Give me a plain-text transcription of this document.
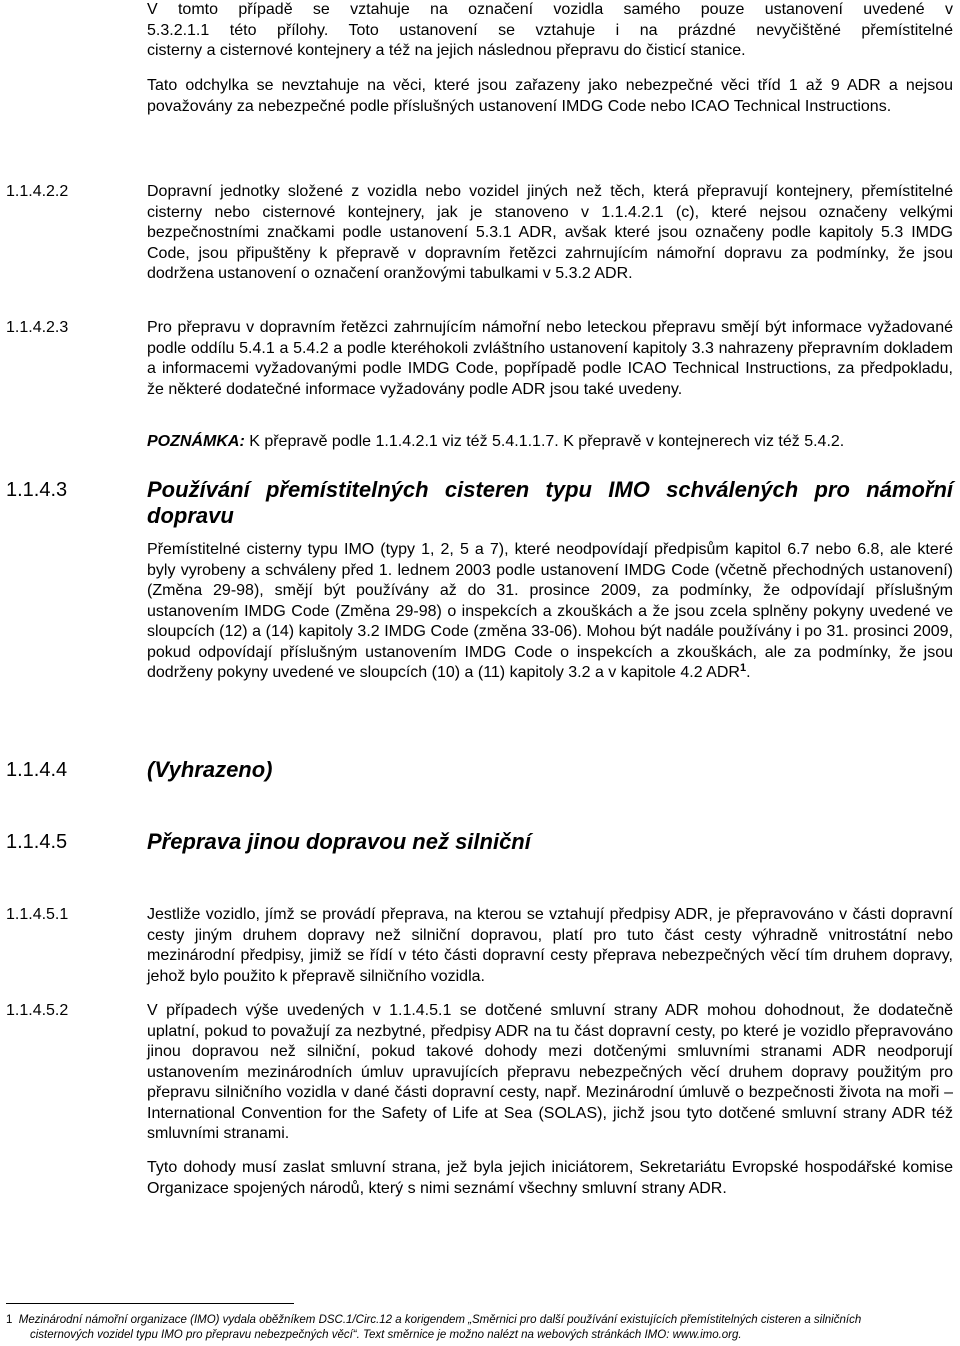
V tomto případě se vztahuje na označení vozidla samého pouze ustanovení uvedené v
5.3.2.1.1 této přílohy. Toto ustanovení se vztahuje i na prázdné nevyčištěné přemístitelné
cisterny a cisternové kontejnery a též na jejich následnou přepravu do čisticí stanice.
Tato odchylka se nevztahuje na věci, které jsou zařazeny jako nebezpečné věci tříd 1 až 9 ADR a nejsou považovány za nebezpečné podle příslušných ustanovení IMDG Code nebo ICAO Technical Instructions.
1.1.4.2.2	Dopravní jednotky složené z vozidla nebo vozidel jiných než těch, která přepravují kontejnery, přemístitelné cisterny nebo cisternové kontejnery, jak je stanoveno v 1.1.4.2.1 (c), které nejsou označeny velkými bezpečnostními značkami podle ustanovení 5.3.1 ADR, avšak které jsou označeny podle kapitoly 5.3 IMDG Code, jsou připuštěny k přepravě v dopravním řetězci zahrnujícím námořní dopravu za podmínky, že jsou dodržena ustanovení o označení oranžovými tabulkami v 5.3.2 ADR.
1.1.4.2.3	Pro přepravu v dopravním řetězci zahrnujícím námořní nebo leteckou přepravu smějí být informace vyžadované podle oddílu 5.4.1 a 5.4.2 a podle kteréhokoli zvláštního ustanovení kapitoly 3.3 nahrazeny přepravním dokladem a informacemi vyžadovanými podle IMDG Code, popřípadě podle ICAO Technical Instructions, za předpokladu, že některé dodatečné informace vyžadovány podle ADR jsou také uvedeny.
POZNÁMKA: K přepravě podle 1.1.4.2.1 viz též 5.4.1.1.7. K přepravě v kontejnerech viz též 5.4.2.
1.1.4.3	Používání přemístitelných cisteren typu IMO schválených pro námořní
dopravu
Přemístitelné cisterny typu IMO (typy 1, 2, 5 a 7), které neodpovídají předpisům kapitol 6.7 nebo 6.8, ale které byly vyrobeny a schváleny před 1. lednem 2003 podle ustanovení IMDG Code (včetně přechodných ustanovení) (Změna 29-98), smějí být používány až do 31. prosince 2009, za podmínky, že odpovídají příslušným ustanovením IMDG Code (Změna 29-98) o inspekcích a zkouškách a že jsou zcela splněny pokyny uvedené ve sloupcích (12) a (14) kapitoly 3.2 IMDG Code (změna 33-06). Mohou být nadále používány i po 31. prosinci 2009, pokud odpovídají příslušným ustanovením IMDG Code o inspekcích a zkouškách, ale za podmínky, že jsou dodrženy pokyny uvedené ve sloupcích (10) a (11) kapitoly 3.2 a v kapitole 4.2 ADR$^1$.
1.1.4.4	(Vyhrazeno)
1.1.4.5	Přeprava jinou dopravou než silniční
1.1.4.5.1	Jestliže vozidlo, jímž se provádí přeprava, na kterou se vztahují předpisy ADR, je přepravováno v části dopravní cesty jiným druhem dopravy než silniční dopravou, platí pro tuto část cesty výhradně vnitrostátní nebo mezinárodní předpisy, jimiž se řídí v této části dopravní cesty přeprava nebezpečných věcí tím druhem dopravy, jehož bylo použito k přepravě silničního vozidla.
1.1.4.5.2	V případech výše uvedených v 1.1.4.5.1 se dotčené smluvní strany ADR mohou dohodnout, že dodatečně uplatní, pokud to považují za nezbytné, předpisy ADR na tu část dopravní cesty, po které je vozidlo přepravováno jinou dopravou než silniční, pokud takové dohody mezi dotčenými smluvními stranami ADR neodporují ustanovením mezinárodních úmluv upravujících přepravu nebezpečných věcí druhem dopravy použitým pro přepravu silničního vozidla v dané části dopravní cesty, např. Mezinárodní úmluvě o bezpečnosti života na moři – International Convention for the Safety of Life at Sea (SOLAS), jichž jsou tyto dotčené smluvní strany ADR též smluvními stranami.
Tyto dohody musí zaslat smluvní strana, jež byla jejich iniciátorem, Sekretariátu Evropské hospodářské komise Organizace spojených národů, který s nimi seznámí všechny smluvní strany ADR.
1 Mezinárodní námořní organizace (IMO) vydala oběžníkem DSC.1/Circ.12 a korigendem „Směrnici pro další používání existujících přemístitelných cisteren a silničních
cisternových vozidel typu IMO pro přepravu nebezpečných věcí“. Text směrnice je možno nalézt na webových stránkách IMO: www.imo.org.
